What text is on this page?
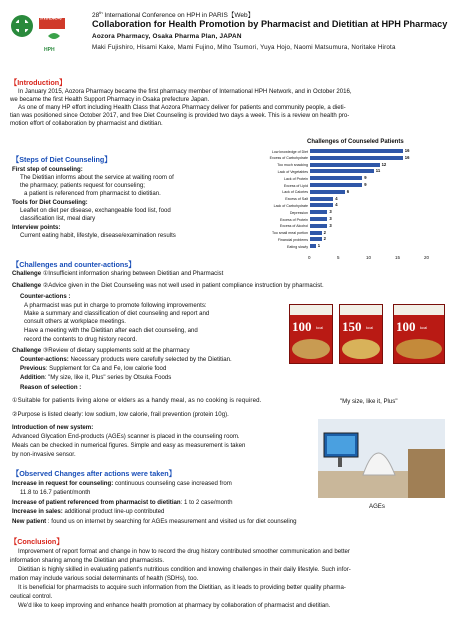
病院薬局
HPH
28th International Conference on HPH in PARIS【Web】
Collaboration for Health Promotion by Pharmacist and Dietitian at HPH Pharmacy
Aozora Pharmacy, Osaka Pharma Plan, JAPAN
Maki Fujishiro, Hisami Kake, Mami Fujino, Miho Tsumori, Yuya Hojo, Naomi Matsumura, Noritake Hirota
【Introduction】
In January 2015, Aozora Pharmacy became the first pharmacy member of International HPH Network, and in October 2016,
we became the first Health Support Pharmacy in Osaka prefecture Japan.
As one of many HP effort including Health Class that Aozora Pharmacy deliver for patients and community people, a dieti-
tian was positioned since October 2017, and free Diet Counseling is provided two days a week. This is a review on health pro-
motion effort of collaboration by pharmacist and dietitian.
【Steps of Diet Counseling】
First step of counseling:
The Dietitian informs about the service at waiting room of
the pharmacy; patients request for counseling;
a patient is referenced from pharmacist to dietitian.
Tools for Diet Counseling:
Leaflet on diet per disease, exchangeable food list, food
classification list, meal diary
Interview points:
Current eating habit, lifestyle, disease/examination results
Challenges of Counseled Patients
Low knowledge of Diet	16
Excess of Carbohydrate	16
Too much snacking	12
Lack of Vegetables	11
Lack of Protein	9
Excess of Lipid	9
Lack of Calories	6
Excess of Salt	4
Lack of Carbohydrate	4
Depression	3
Excess of Protein	3
Excess of Alcohol	3
Too small meal portion	2
Financial problems	2
Eating slowly 1
0	5	10	15	20
【Challenges and counter-actions】
Challenge ①Insufficient information sharing between Dietitian and Pharmacist
Challenge ②Advice given in the Diet Counseling was not well used in patient compliance instruction by pharmacist.
Counter-actions :
A pharmacist was put in charge to promote following improvements:
Make a summary and classification of diet counseling and report and
consult others at workplace meetings.
Have a meeting with the Dietitian after each diet counseling, and
record the contents to drug history record.
Challenge ③Review of dietary supplements sold at the pharmacy
Counter-actions: Necessary products were carefully selected by the Dietitian.
Previous: Supplement for Ca and Fe, low calorie food
Addition: "My size, like it, Plus" series by Otsuka Foods
Reason of selection :
100 kcal 150 kcal 100 kcal
"My size, like it, Plus"
①Suitable for patients living alone or elders as a handy meal, as no cooking is required.
②Purpose is listed clearly: low sodium, low calorie, frail prevention (protein 10g).
Introduction of new system:
Advanced Glycation End-products (AGEs) scanner is placed in the counseling room.
Meals can be checked in numerical figures. Simple and easy as measurement is taken
by non-invasive sensor.
AGEs
【Observed Changes after actions were taken】
Increase in request for counseling: continuous counseling case increased from
11.8 to 16.7 patient/month
Increase of patient referenced from pharmacist to dietitian: 1 to 2 case/month
Increase in sales: additional product line-up contributed
New patient : found us on internet by searching for AGEs measurement and visited us for diet counseling
【Conclusion】
Improvement of report format and change in how to record the drug history contributed smoother communication and better
information sharing among the Dietitian and pharmacists.
Dietitian is highly skilled in evaluating patient's nutritious condition and knowing challenges in their daily lifestyle. Such infor-
mation may include various social determinants of health (SDHs), too.
It is beneficial for pharmacists to acquire such information from the Dietitian, as it leads to providing better quality pharma-
ceutical control.
We'd like to keep improving and enhance health promotion at pharmacy by collaboration of pharmacist and dietitian.
